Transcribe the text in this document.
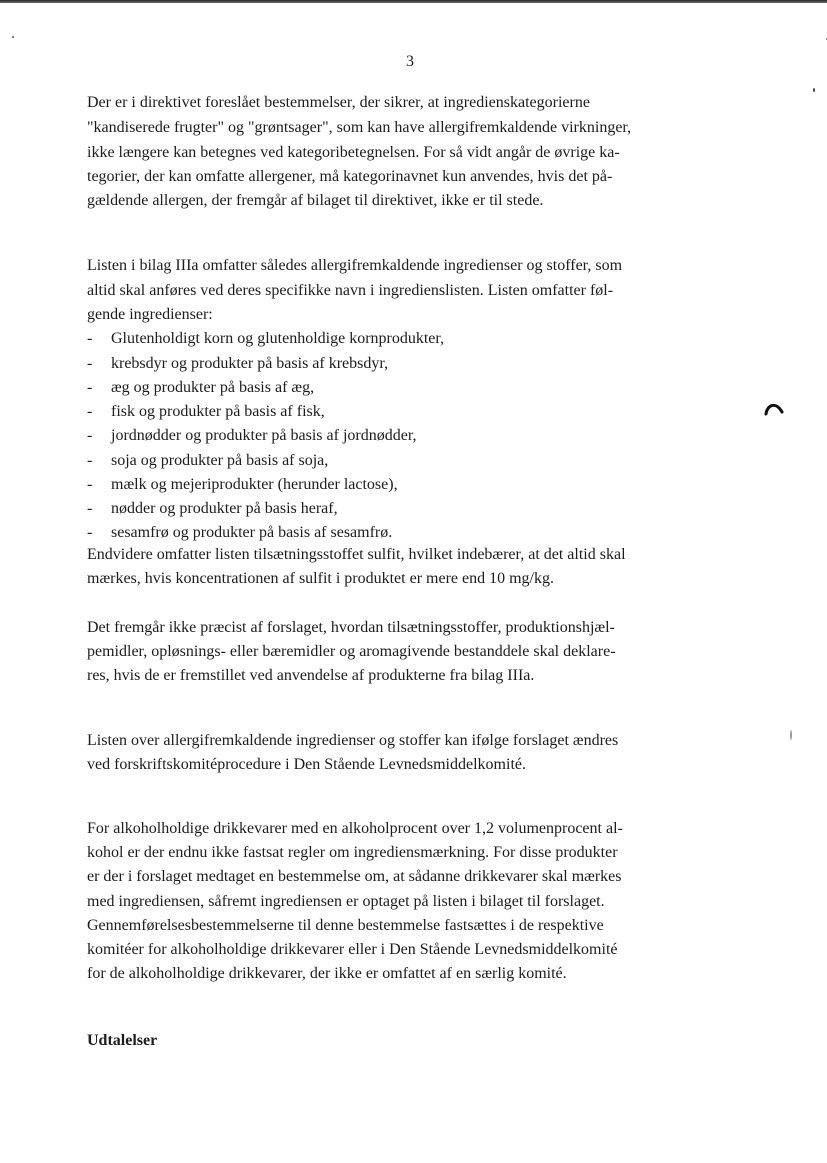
3
Der er i direktivet foreslået bestemmelser, der sikrer, at ingredienskategorierne
"kandiserede frugter" og "grøntsager", som kan have allergifremkaldende virkninger,
ikke længere kan betegnes ved kategoribetegnelsen. For så vidt angår de øvrige ka-
tegorier, der kan omfatte allergener, må kategorinavnet kun anvendes, hvis det på-
gældende allergen, der fremgår af bilaget til direktivet, ikke er til stede.
Listen i bilag IIIa omfatter således allergifremkaldende ingredienser og stoffer, som
altid skal anføres ved deres specifikke navn i ingredienslisten. Listen omfatter føl-
gende ingredienser:
- Glutenholdigt korn og glutenholdige kornprodukter,
- krebsdyr og produkter på basis af krebsdyr,
- æg og produkter på basis af æg,
- fisk og produkter på basis af fisk,
- jordnødder og produkter på basis af jordnødder,
- soja og produkter på basis af soja,
- mælk og mejeriprodukter (herunder lactose),
- nødder og produkter på basis heraf,
- sesamfrø og produkter på basis af sesamfrø.
Endvidere omfatter listen tilsætningsstoffet sulfit, hvilket indebærer, at det altid skal
mærkes, hvis koncentrationen af sulfit i produktet er mere end 10 mg/kg.
Det fremgår ikke præcist af forslaget, hvordan tilsætningsstoffer, produktionshjæl-
pemidler, opløsnings- eller bæremidler og aromagivende bestanddele skal deklare-
res, hvis de er fremstillet ved anvendelse af produkterne fra bilag IIIa.
Listen over allergifremkaldende ingredienser og stoffer kan ifølge forslaget ændres
ved forskriftskomitéprocedure i Den Stående Levnedsmiddelkomité.
For alkoholholdige drikkevarer med en alkoholprocent over 1,2 volumenprocent al-
kohol er der endnu ikke fastsat regler om ingrediensmærkning. For disse produkter
er der i forslaget medtaget en bestemmelse om, at sådanne drikkevarer skal mærkes
med ingrediensen, såfremt ingrediensen er optaget på listen i bilaget til forslaget.
Gennemførelsesbestemmelserne til denne bestemmelse fastsættes i de respektive
komitéer for alkoholholdige drikkevarer eller i Den Stående Levnedsmiddelkomité
for de alkoholholdige drikkevarer, der ikke er omfattet af en særlig komité.
Udtalelser
